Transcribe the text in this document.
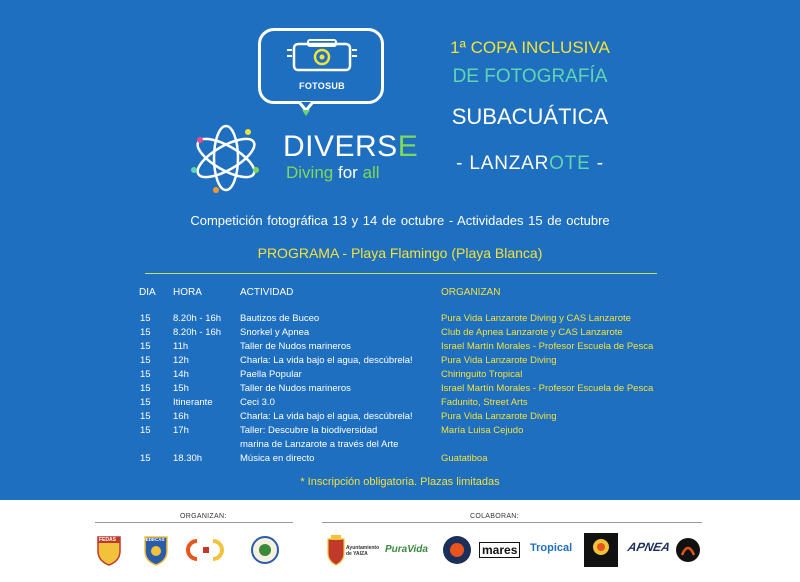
FOTOSUB
DIVERSE
Diving for all
1ª COPA INCLUSIVA
DE FOTOGRAFÍA
SUBACUÁTICA
- LANZAROTE -
Competición fotográfica 13 y 14 de octubre - Actividades 15 de octubre
PROGRAMA - Playa Flamingo (Playa Blanca)
DIA HORA	ACTIVIDAD	ORGANIZAN
15 8.20h - 16h Bautizos de Buceo	Pura Vida Lanzarote Diving y CAS Lanzarote
15 8.20h - 16h Snorkel y Apnea	Club de Apnea Lanzarote y CAS Lanzarote
15 11h	Taller de Nudos marineros	Israel Martín Morales - Profesor Escuela de Pesca
15 12h	Charla: La vida bajo el agua, descúbrela!	Pura Vida Lanzarote Diving
15 14h	Paella Popular	Chiringuito Tropical
15 15h	Taller de Nudos marineros	Israel Martín Morales - Profesor Escuela de Pesca
15 Itinerante	Ceci 3.0	Fadunito, Street Arts
15 16h	Charla: La vida bajo el agua, descúbrela!	Pura Vida Lanzarote Diving
15 17h	Taller: Descubre la biodiversidad	María Luisa Cejudo
marina de Lanzarote a través del Arte
15 18.30h	Música en directo	Guatatiboa
* Inscripción obligatoria. Plazas limitadas
ORGANIZAN:	COLABORAN:
FEDAS	FEDECAS
Ayuntamiento
de YAIZA PuraVida	mares Tropical	APNEA
